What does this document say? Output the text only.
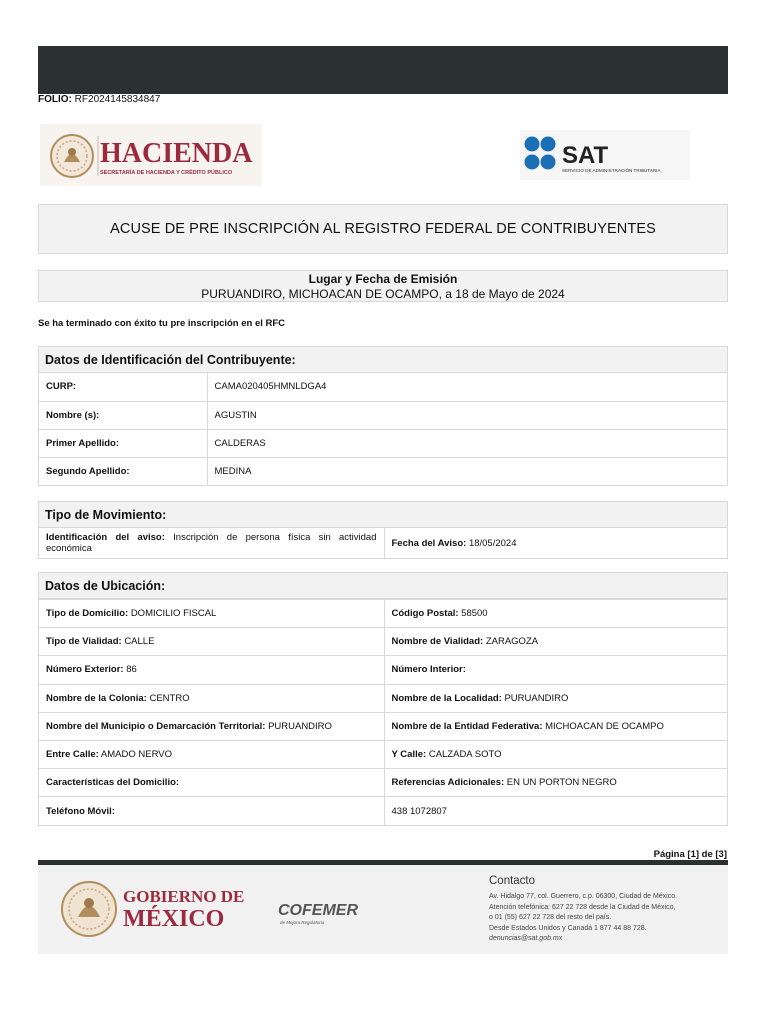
FOLIO: RF2024145834847
HACIENDA
SECRETARÍA DE HACIENDA Y CRÉDITO PÚBLICO
SAT
SERVICIO DE ADMINISTRACIÓN TRIBUTARIA
ACUSE DE PRE INSCRIPCIÓN AL REGISTRO FEDERAL DE CONTRIBUYENTES
Lugar y Fecha de Emisión
PURUANDIRO, MICHOACAN DE OCAMPO, a 18 de Mayo de 2024
Se ha terminado con éxito tu pre inscripción en el RFC
Datos de Identificación del Contribuyente:
CURP:	CAMA020405HMNLDGA4
Nombre (s):	AGUSTIN
Primer Apellido:	CALDERAS
Segundo Apellido:	MEDINA
Tipo de Movimiento:
Identificación del aviso: Inscripción de persona física sin actividad económica	Fecha del Aviso: 18/05/2024
Datos de Ubicación:
Tipo de Domicilio: DOMICILIO FISCAL	Código Postal: 58500
Tipo de Vialidad: CALLE	Nombre de Vialidad: ZARAGOZA
Número Exterior: 86	Número Interior:
Nombre de la Colonia: CENTRO	Nombre de la Localidad: PURUANDIRO
Nombre del Municipio o Demarcación Territorial: PURUANDIRO	Nombre de la Entidad Federativa: MICHOACAN DE OCAMPO
Entre Calle: AMADO NERVO	Y Calle: CALZADA SOTO
Características del Domicilio:	Referencias Adicionales: EN UN PORTON NEGRO
Teléfono Móvil:	438 1072807
Página [1] de [3]
GOBIERNO DE
MÉXICO	COFEMER
de Mejora Regulatoria
Contacto
Av. Hidalgo 77, col. Guerrero, c.p. 06300, Ciudad de México.
Atención telefónica: 627 22 728 desde la Ciudad de México,
o 01 (55) 627 22 728 del resto del país.
Desde Estados Unidos y Canadá 1 877 44 88 728.
denuncias@sat.gob.mx
